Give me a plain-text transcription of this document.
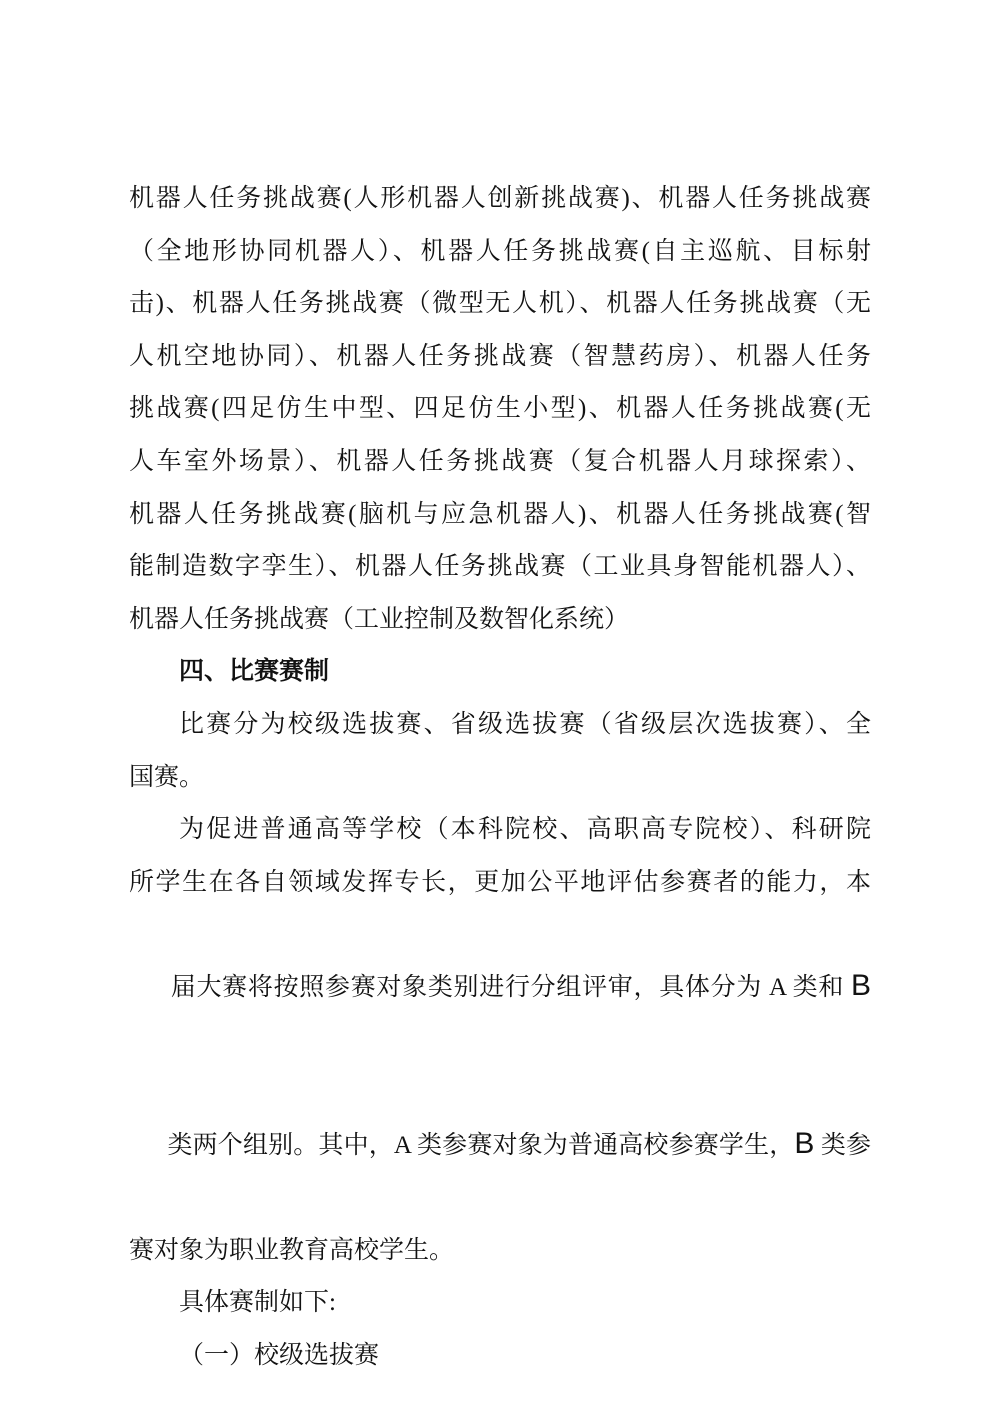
机器人任务挑战赛(人形机器人创新挑战赛)、机器人任务挑战赛
（全地形协同机器人）、机器人任务挑战赛(自主巡航、目标射
击)、机器人任务挑战赛（微型无人机）、机器人任务挑战赛（无
人机空地协同）、机器人任务挑战赛（智慧药房）、机器人任务
挑战赛(四足仿生中型、四足仿生小型)、机器人任务挑战赛(无
人车室外场景）、机器人任务挑战赛（复合机器人月球探索）、
机器人任务挑战赛(脑机与应急机器人)、机器人任务挑战赛(智
能制造数字孪生）、机器人任务挑战赛（工业具身智能机器人）、
机器人任务挑战赛（工业控制及数智化系统）
四、比赛赛制
比赛分为校级选拔赛、省级选拔赛（省级层次选拔赛）、全
国赛。
为促进普通高等学校（本科院校、高职高专院校）、科研院
所学生在各自领域发挥专长，更加公平地评估参赛者的能力，本

届大赛将按照参赛对象类别进行分组评审，具体分为 A 类和 B

类两个组别。其中，A 类参赛对象为普通高校参赛学生，B 类参

赛对象为职业教育高校学生。
具体赛制如下:
（一）校级选拔赛
